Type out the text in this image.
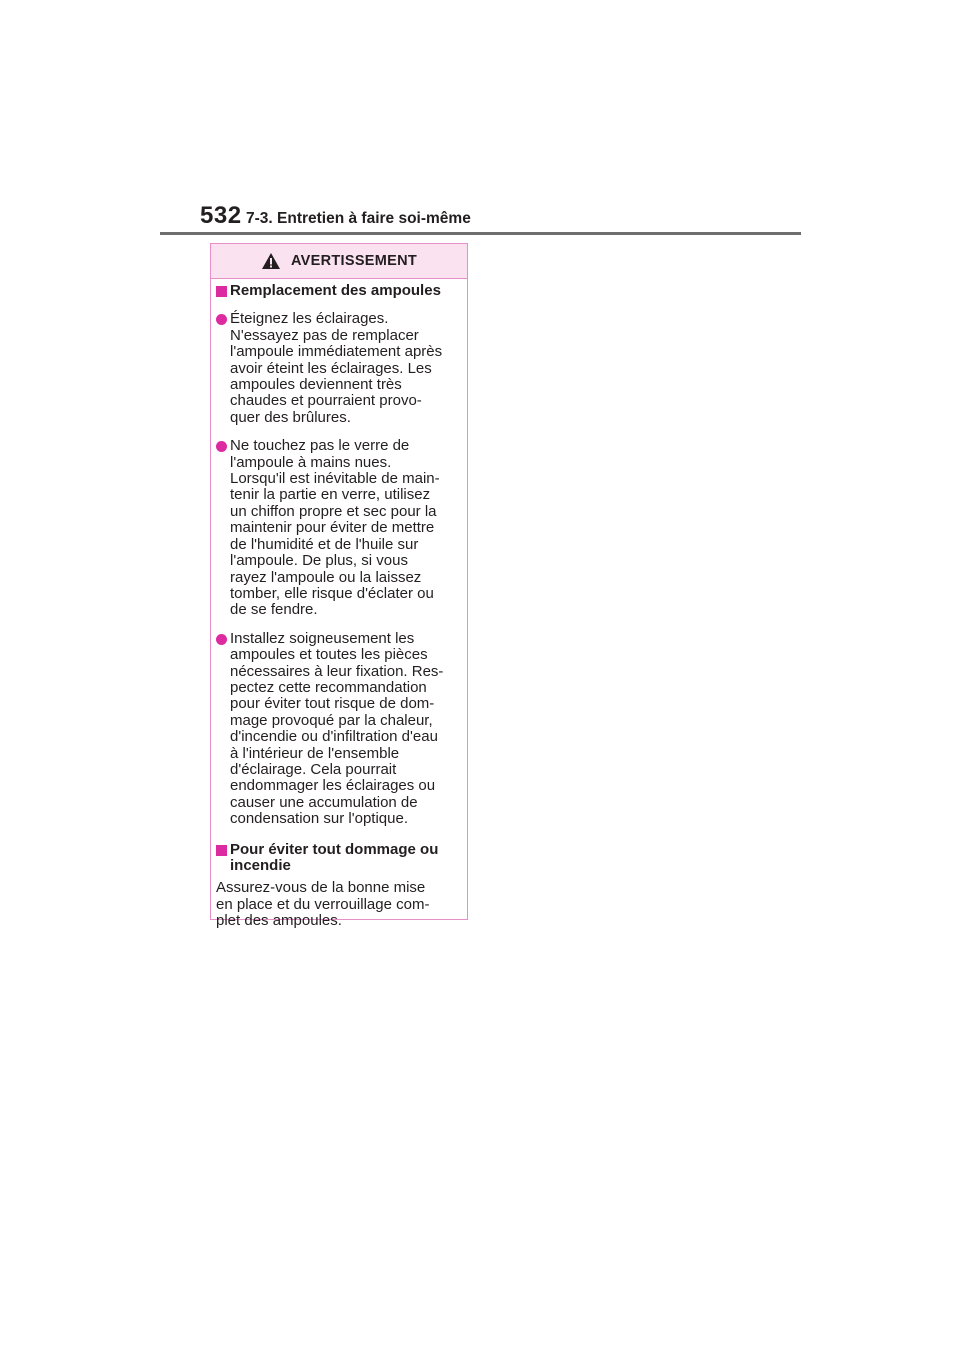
532 7-3. Entretien à faire soi-même
AVERTISSEMENT
Remplacement des ampoules
Éteignez les éclairages.
N'essayez pas de remplacer
l'ampoule immédiatement après
avoir éteint les éclairages. Les
ampoules deviennent très
chaudes et pourraient provo-
quer des brûlures.
Ne touchez pas le verre de
l'ampoule à mains nues.
Lorsqu'il est inévitable de main-
tenir la partie en verre, utilisez
un chiffon propre et sec pour la
maintenir pour éviter de mettre
de l'humidité et de l'huile sur
l'ampoule. De plus, si vous
rayez l'ampoule ou la laissez
tomber, elle risque d'éclater ou
de se fendre.
Installez soigneusement les
ampoules et toutes les pièces
nécessaires à leur fixation. Res-
pectez cette recommandation
pour éviter tout risque de dom-
mage provoqué par la chaleur,
d'incendie ou d'infiltration d'eau
à l'intérieur de l'ensemble
d'éclairage. Cela pourrait
endommager les éclairages ou
causer une accumulation de
condensation sur l'optique.
Pour éviter tout dommage ou
incendie
Assurez-vous de la bonne mise
en place et du verrouillage com-
plet des ampoules.
